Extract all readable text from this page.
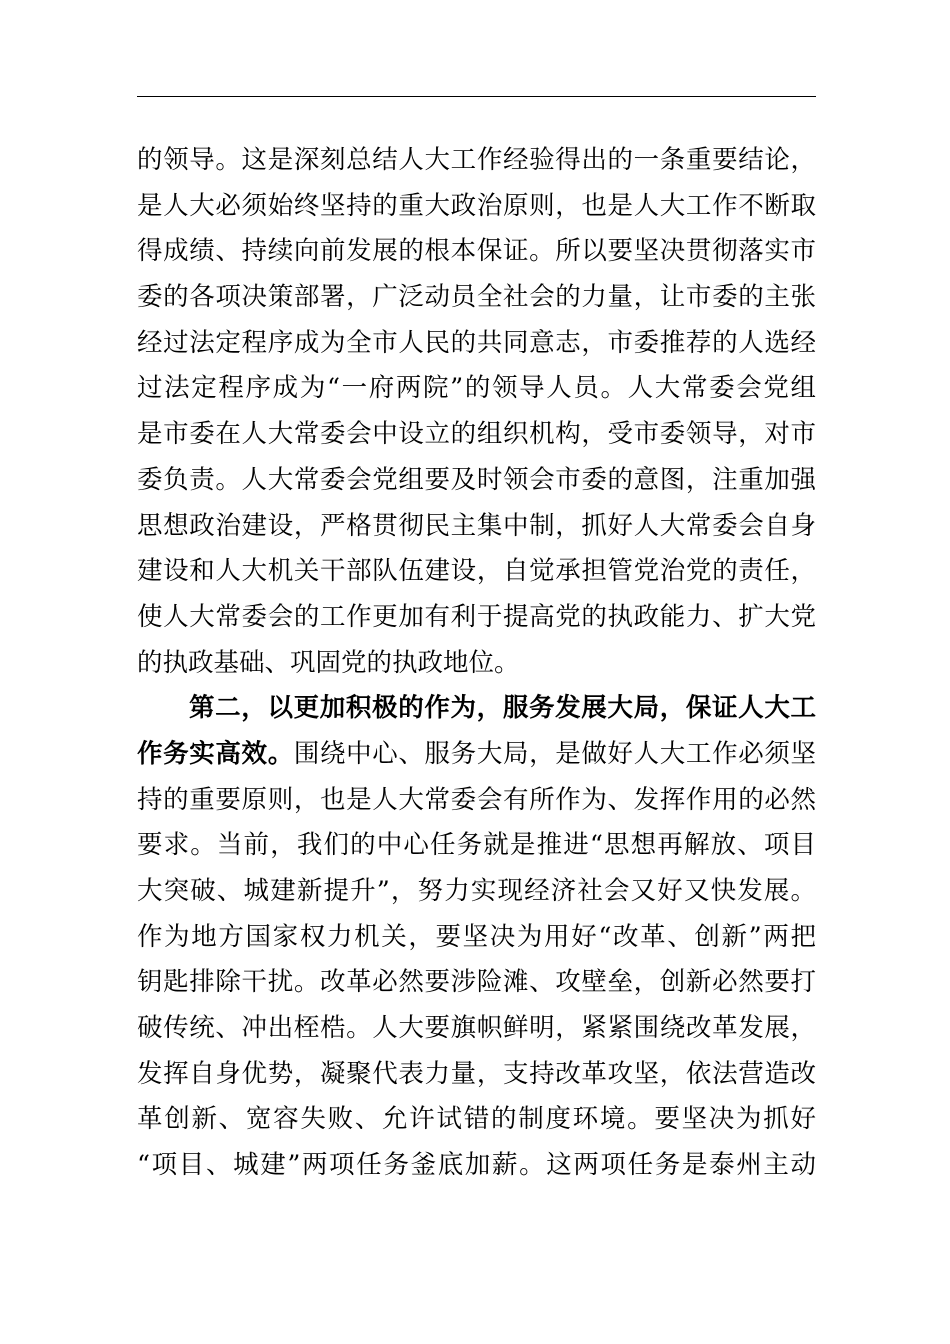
的领导。这是深刻总结人大工作经验得出的一条重要结论，
是人大必须始终坚持的重大政治原则，也是人大工作不断取
得成绩、持续向前发展的根本保证。所以要坚决贯彻落实市
委的各项决策部署，广泛动员全社会的力量，让市委的主张
经过法定程序成为全市人民的共同意志，市委推荐的人选经
过法定程序成为“一府两院”的领导人员。人大常委会党组
是市委在人大常委会中设立的组织机构，受市委领导，对市
委负责。人大常委会党组要及时领会市委的意图，注重加强
思想政治建设，严格贯彻民主集中制，抓好人大常委会自身
建设和人大机关干部队伍建设，自觉承担管党治党的责任，
使人大常委会的工作更加有利于提高党的执政能力、扩大党
的执政基础、巩固党的执政地位。
第二，以更加积极的作为，服务发展大局，保证人大工
作务实高效。围绕中心、服务大局，是做好人大工作必须坚
持的重要原则，也是人大常委会有所作为、发挥作用的必然
要求。当前，我们的中心任务就是推进“思想再解放、项目
大突破、城建新提升”，努力实现经济社会又好又快发展。
作为地方国家权力机关，要坚决为用好“改革、创新”两把
钥匙排除干扰。改革必然要涉险滩、攻壁垒，创新必然要打
破传统、冲出桎梏。人大要旗帜鲜明，紧紧围绕改革发展，
发挥自身优势，凝聚代表力量，支持改革攻坚，依法营造改
革创新、宽容失败、允许试错的制度环境。要坚决为抓好
“项目、城建”两项任务釜底加薪。这两项任务是泰州主动
